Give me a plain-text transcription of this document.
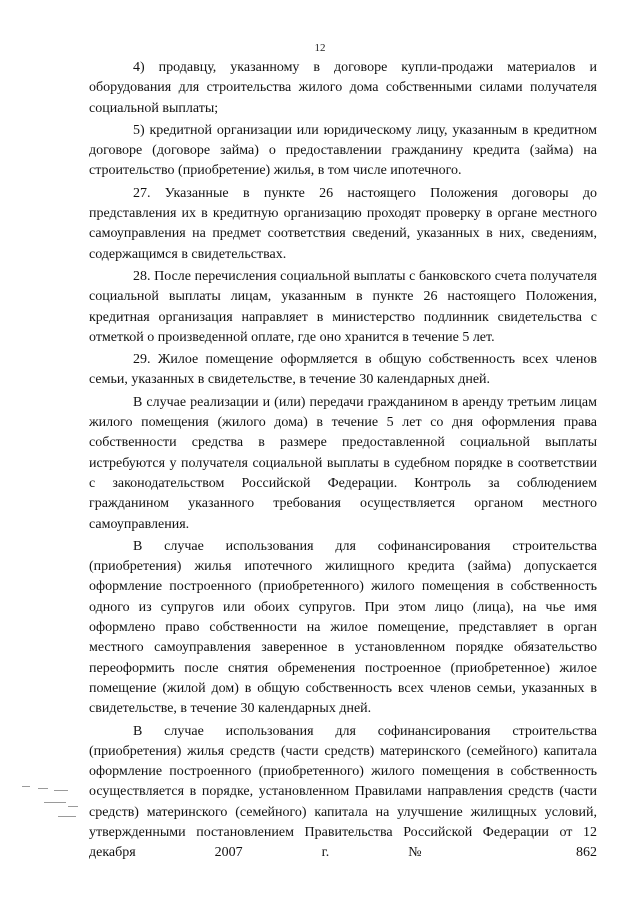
12

4) продавцу, указанному в договоре купли-продажи материалов и оборудования для строительства жилого дома собственными силами получателя социальной выплаты;

5) кредитной организации или юридическому лицу, указанным в кредитном договоре (договоре займа) о предоставлении гражданину кредита (займа) на строительство (приобретение) жилья, в том числе ипотечного.

27. Указанные в пункте 26 настоящего Положения договоры до представления их в кредитную организацию проходят проверку в органе местного самоуправления на предмет соответствия сведений, указанных в них, сведениям, содержащимся в свидетельствах.

28. После перечисления социальной выплаты с банковского счета получателя социальной выплаты лицам, указанным в пункте 26 настоящего Положения, кредитная организация направляет в министерство подлинник свидетельства с отметкой о произведенной оплате, где оно хранится в течение 5 лет.

29. Жилое помещение оформляется в общую собственность всех членов семьи, указанных в свидетельстве, в течение 30 календарных дней.

В случае реализации и (или) передачи гражданином в аренду третьим лицам жилого помещения (жилого дома) в течение 5 лет со дня оформления права собственности средства в размере предоставленной социальной выплаты истребуются у получателя социальной выплаты в судебном порядке в соответствии с законодательством Российской Федерации. Контроль за соблюдением гражданином указанного требования осуществляется органом местного самоуправления.

В случае использования для софинансирования строительства (приобретения) жилья ипотечного жилищного кредита (займа) допускается оформление построенного (приобретенного) жилого помещения в собственность одного из супругов или обоих супругов. При этом лицо (лица), на чье имя оформлено право собственности на жилое помещение, представляет в орган местного самоуправления заверенное в установленном порядке обязательство переоформить после снятия обременения построенное (приобретенное) жилое помещение (жилой дом) в общую собственность всех членов семьи, указанных в свидетельстве, в течение 30 календарных дней.

В случае использования для софинансирования строительства (приобретения) жилья средств (части средств) материнского (семейного) капитала оформление построенного (приобретенного) жилого помещения в собственность осуществляется в порядке, установленном Правилами направления средств (части средств) материнского (семейного) капитала на улучшение жилищных условий, утвержденными постановлением Правительства Российской Федерации от 12 декабря 2007 г. № 862
